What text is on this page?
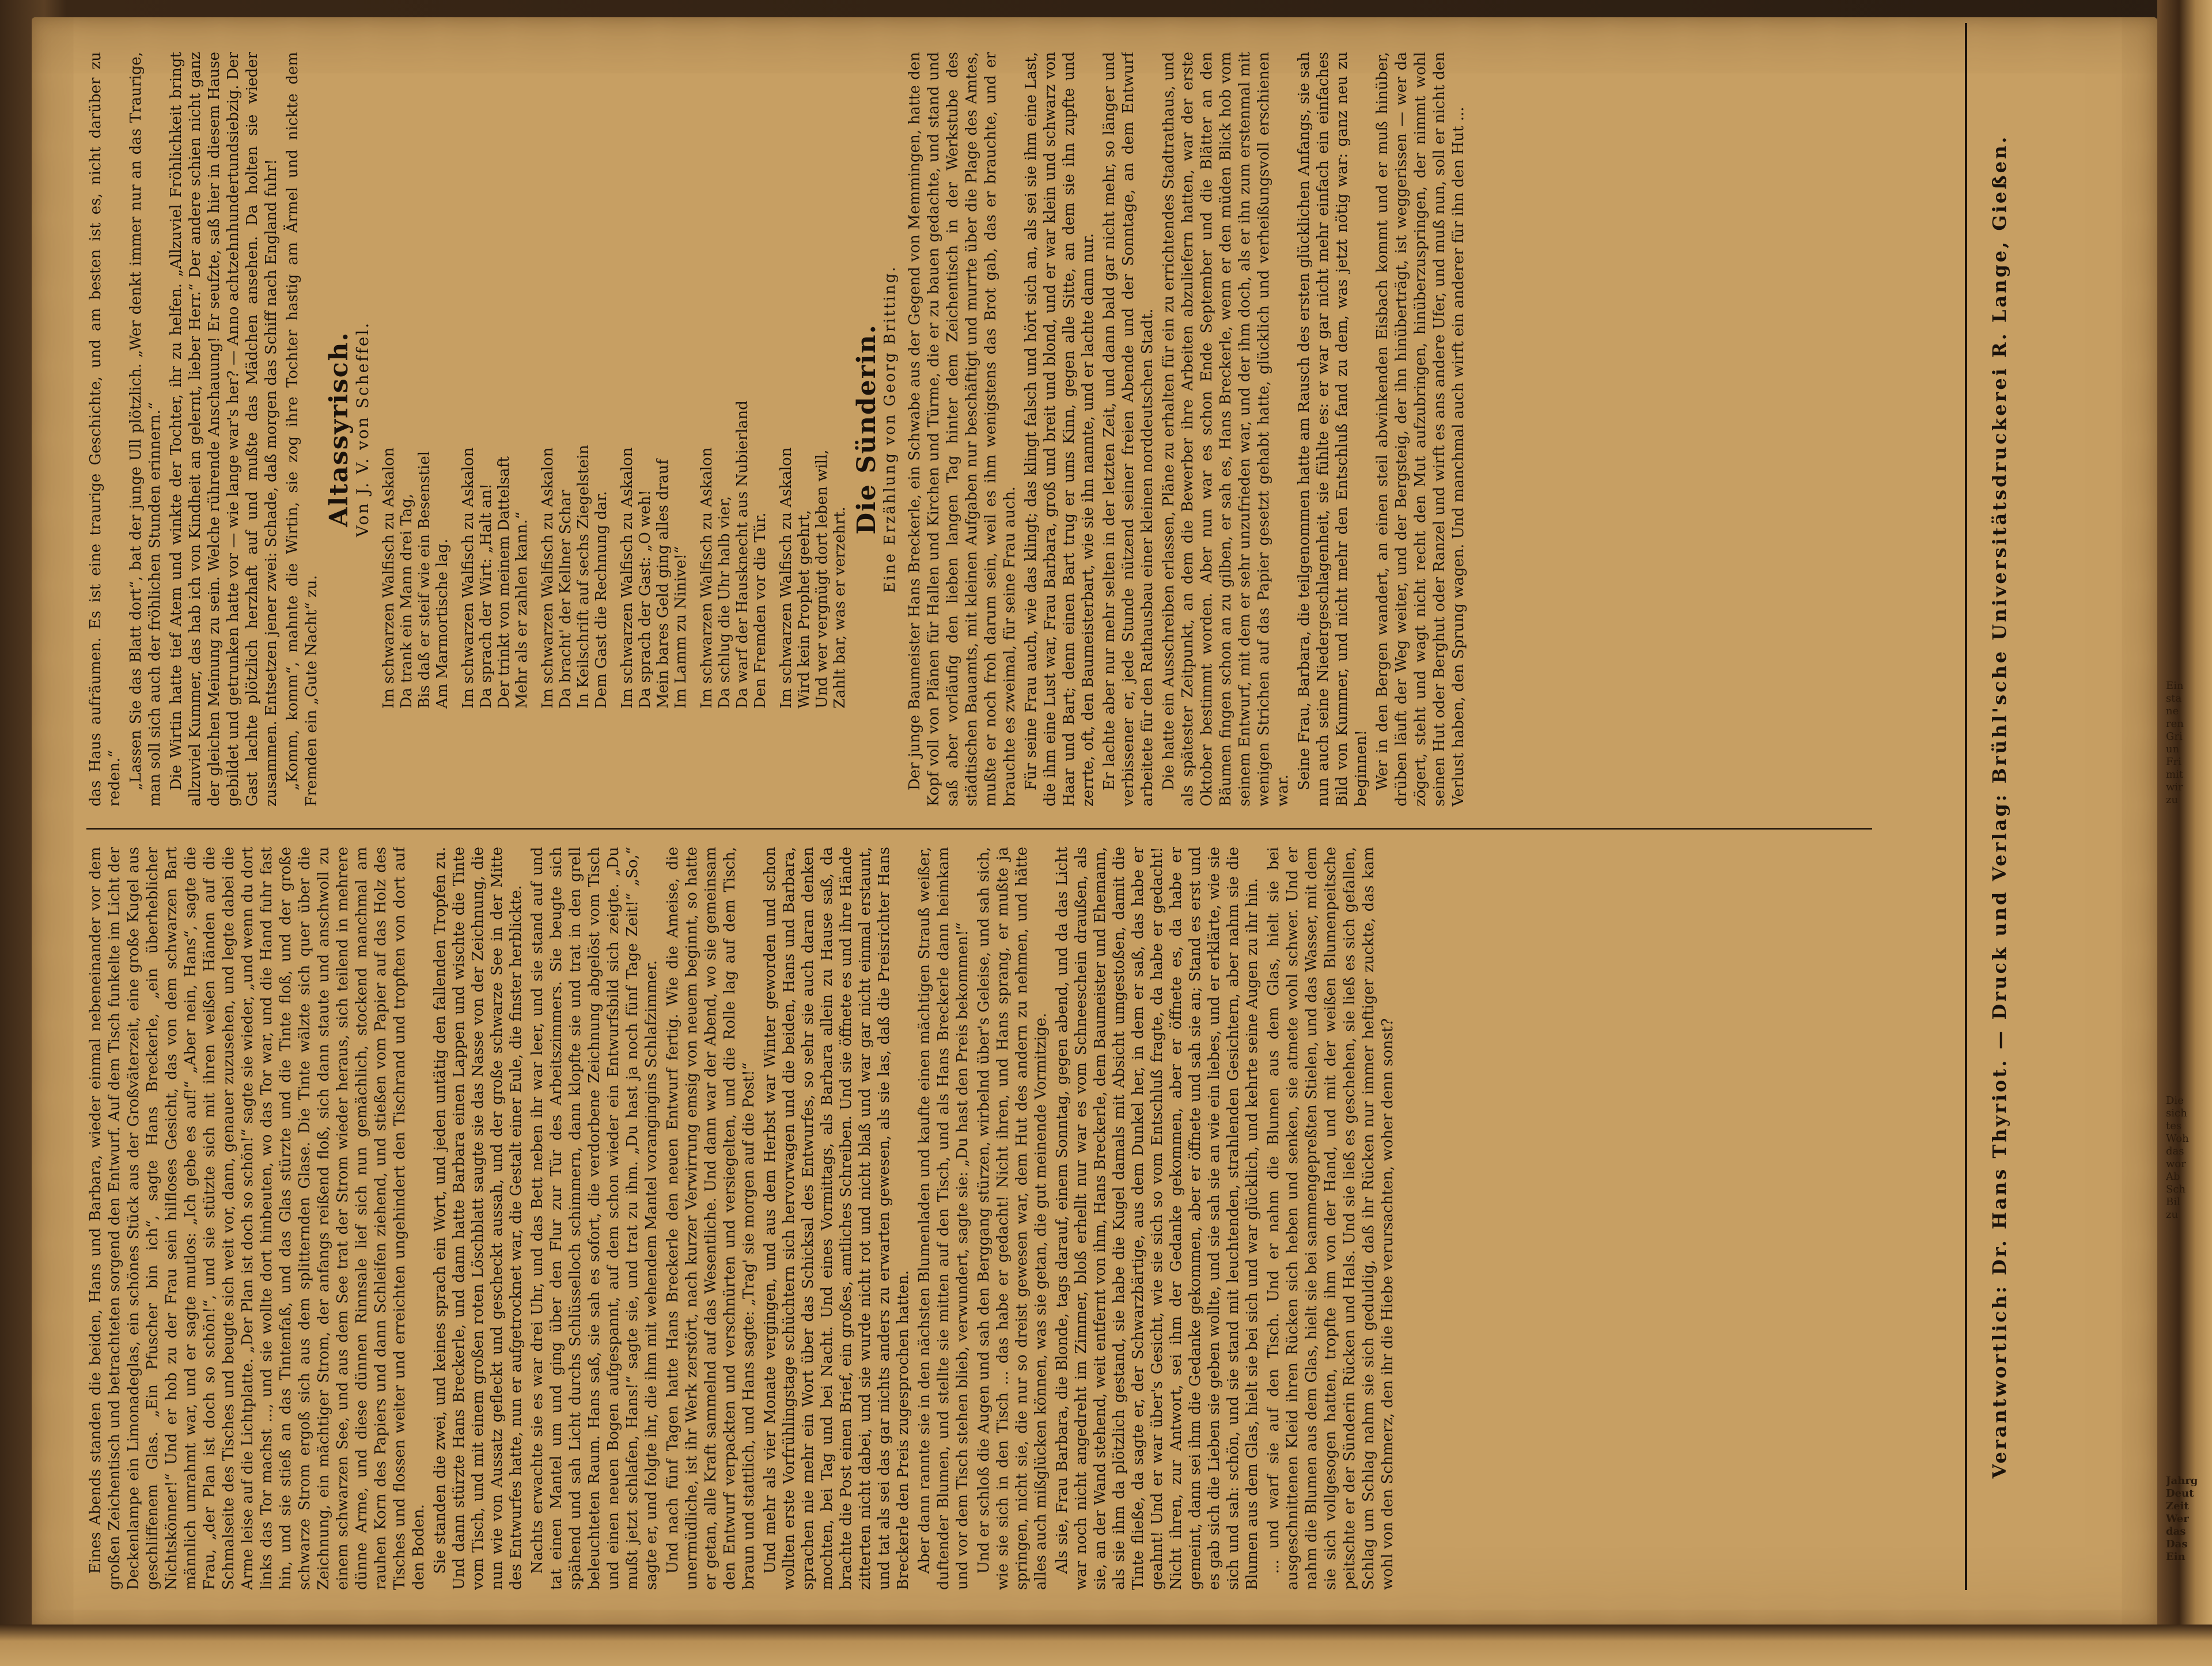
Ein
sta
ne
ren
Gri
un
Fri
mit
wir
zu
Die
sich
tes
Woh
das
wor
Ab
Sch
Bil
zu
Jahrg
Deut
Zeit
Wer
das
Das
Ein

Eines Abends standen die beiden, Hans und Barbara, wieder einmal nebeneinander vor dem großen Zeichentisch und betrachteten sorgend den Entwurf. Auf dem Tisch funkelte im Licht der Deckenlampe ein Limonadeglas, ein schönes Stück aus der Großväterzeit, eine große Kugel aus geschliffenem Glas. „Ein Pfuscher bin ich“, sagte Hans Breckerle, „ein überheblicher Nichtskönner!“ Und er hob zu der Frau sein hilfloses Gesicht, das von dem schwarzen Bart männlich umrahmt war, und er sagte mutlos: „Ich gebe es auf!“ „Aber nein, Hans“, sagte die Frau, „der Plan ist doch so schön!“, und sie stützte sich mit ihren weißen Händen auf die Schmalseite des Tisches und beugte sich weit vor, dann, genauer zuzusehen, und legte dabei die Arme leise auf die Lichtplatte. „Der Plan ist doch so schön!“ sagte sie wieder, „und wenn du dort links das Tor machst ..., und sie wollte dort hinbeuten, wo das Tor war, und die Hand fuhr fast hin, und sie stieß an das Tintenfaß, und das Glas stürzte und die Tinte floß, und der große schwarze Strom ergoß sich aus dem splitternden Glase. Die Tinte wälzte sich quer über die Zeichnung, ein mächtiger Strom, der anfangs reißend floß, sich dann staute und anschwoll zu einem schwarzen See, und aus dem See trat der Strom wieder heraus, sich teilend in mehrere dünne Arme, und diese dünnen Rinnsale lief sich nun gemächlich, stockend manchmal am rauhen Korn des Papiers und dann Schleifen ziehend, und stießen vom Papier auf das Holz des Tisches und flossen weiter und erreichten ungehindert den Tischrand und tropften von dort auf den Boden. Sie standen die zwei, und keines sprach ein Wort, und jeden untätig den fallenden Tropfen zu. Und dann stürzte Hans Breckerle, und dann hatte Barbara einen Lappen und wischte die Tinte vom Tisch, und mit einem großen roten Löschblatt saugte sie das Nasse von der Zeichnung, die nun wie von Aussatz gefleckt und gescheckt aussah, und der große schwarze See in der Mitte des Entwurfes hatte, nun er aufgetrocknet war, die Gestalt einer Eule, die finster herblickte. Nachts erwachte sie es war drei Uhr, und das Bett neben ihr war leer, und sie stand auf und tat einen Mantel um und ging über den Flur zur Tür des Arbeitszimmers. Sie beugte sich spähend und sah Licht durchs Schlüsselloch schimmern, dann klopfte sie und trat in den grell beleuchteten Raum. Hans saß, sie sah es sofort, die verdorbene Zeichnung abgelöst vom Tisch und einen neuen Bogen aufgespannt, auf dem schon wieder ein Entwurfsbild sich zeigte. „Du mußt jetzt schlafen, Hans!“ sagte sie, und trat zu ihm. „Du hast ja noch fünf Tage Zeit!“ „So,“ sagte er, und folgte ihr, die ihm mit wehendem Mantel vorangingins Schlafzimmer. Und nach fünf Tagen hatte Hans Breckerle den neuen Entwurf fertig. Wie die Ameise, die unermüdliche, ist ihr Werk zerstört, nach kurzer Verwirrung emsig von neuem beginnt, so hatte er getan, alle Kraft sammelnd auf das Wesentliche. Und dann war der Abend, wo sie gemeinsam den Entwurf verpackten und verschnürten und versiegelten, und die Rolle lag auf dem Tisch, braun und stattlich, und Hans sagte: „Trag' sie morgen auf die Post!“ Und mehr als vier Monate vergingen, und aus dem Herbst war Winter geworden und schon wollten erste Vorfrühlingstage schüchtern sich hervorwagen und die beiden, Hans und Barbara, sprachen nie mehr ein Wort über das Schicksal des Entwurfes, so sehr sie auch daran denken mochten, bei Tag und bei Nacht. Und eines Vormittags, als Barbara allein zu Hause saß, da brachte die Post einen Brief, ein großes, amtliches Schreiben. Und sie öffnete es und ihre Hände zitterten nicht dabei, und sie wurde nicht rot und nicht blaß und war gar nicht einmal erstaunt, und tat als sei das gar nichts anders zu erwarten gewesen, als sie las, daß die Preisrichter Hans Breckerle den Preis zugesprochen hatten. Aber dann rannte sie in den nächsten Blumenladen und kaufte einen mächtigen Strauß weißer, duftender Blumen, und stellte sie mitten auf den Tisch, und als Hans Breckerle dann heimkam und vor dem Tisch stehen blieb, verwundert, sagte sie: „Du hast den Preis bekommen!“ Und er schloß die Augen und sah den Berggang stürzen, wirbelnd über's Geleise, und sah sich, wie sie sich in den Tisch ... das habe er gedacht! Nicht ihren, und Hans sprang, er mußte ja springen, nicht sie, die nur so dreist gewesen war, dem Hut des andern zu nehmen, und hätte alles auch mißglücken können, was sie getan, die gut meinende Vormitzige. Als sie, Frau Barbara, die Blonde, tags darauf, einem Sonntag, gegen abend, und da das Licht war noch nicht angedreht im Zimmer, bloß erhellt nur war es vom Schneeschein draußen, als sie, an der Wand stehend, weit entfernt von ihm, Hans Breckerle, dem Baumeister und Ehemann, als sie ihm da plötzlich gestand, sie habe die Kugel damals mit Absicht umgestoßen, damit die Tinte fließe, da sagte er, der Schwarzbärtige, aus dem Dunkel her, in dem er saß, das habe er geahnt! Und er war über's Gesicht, wie sie sich so vom Entschluß fragte, da habe er gedacht! Nicht ihren, zur Antwort, sei ihm der Gedanke gekommen, aber er öffnete es, da habe er gemeint, dann sei ihm die Gedanke gekommen, aber er öffnete und sah sie an; Stand es erst und es gab sich die Lieben sie geben wollte, und sie sah sie an wie ein liebes, und er erklärte, wie sie sich und sah: schön, und sie stand mit leuchtenden, strahlenden Gesichtern, aber nahm sie die Blumen aus dem Glas, hielt sie bei sich und war glücklich, und kehrte seine Augen zu ihr hin. ... und warf sie auf den Tisch. Und er nahm die Blumen aus dem Glas, hielt sie bei ausgeschnittenen Kleid ihren Rücken sich heben und senken, sie atmete wohl schwer. Und er nahm die Blumen aus dem Glas, hielt sie bei sammengepreßten Stielen, und das Wasser, mit dem sie sich vollgesogen hatten, tropfte ihm von der Hand, und mit der weißen Blumenpeitsche peitschte er der Sünderin Rücken und Hals. Und sie ließ es geschehen, sie ließ es sich gefallen, Schlag um Schlag nahm sie sich geduldig, daß ihr Rücken nur immer heftiger zuckte, das kam wohl von den Schmerz, den ihr die Hiebe verursachten, woher denn sonst?

das Haus aufräumen. Es ist eine traurige Geschichte, und am besten ist es, nicht darüber zu reden.“ „Lassen Sie das Blatt dort“, bat der junge Ull plötzlich. „Wer denkt immer nur an das Traurige, man soll sich auch der fröhlichen Stunden erinnern.“ Die Wirtin hatte tief Atem und winkte der Tochter, ihr zu helfen. „Allzuviel Fröhlichkeit bringt allzuviel Kummer, das hab ich von Kindheit an gelernt, lieber Herr.“ Der andere schien nicht ganz der gleichen Meinung zu sein. Welche rührende Anschauung! Er seufzte, saß hier in diesem Hause gebildet und getrunken hatte vor — wie lange war's her? — Anno achtzehnhundertundsiebzig. Der Gast lachte plötzlich herzhaft auf und mußte das Mädchen ansehen. Da holten sie wieder zusammen. Entsetzen jener zwei: Schade, daß morgen das Schiff nach England fuhr! „Komm, komm“, mahnte die Wirtin, sie zog ihre Tochter hastig am Ärmel und nickte dem Fremden ein „Gute Nacht“ zu.

Altassyrisch. Von J. V. von Scheffel.
Im schwarzen Walfisch zu Askalon Da trank ein Mann drei Tag, Bis daß er steif wie ein Besenstiel Am Marmortische lag. Im schwarzen Walfisch zu Askalon Da sprach der Wirt: „Halt an! Der trinkt von meinem Dattelsaft Mehr als er zahlen kann.“ Im schwarzen Walfisch zu Askalon Da bracht' der Kellner Schar In Keilschrift auf sechs Ziegelstein Dem Gast die Rechnung dar. Im schwarzen Walfisch zu Askalon Da sprach der Gast: „O weh! Mein bares Geld ging alles drauf Im Lamm zu Ninive!“ Im schwarzen Walfisch zu Askalon Da schlug die Uhr halb vier, Da warf der Hausknecht aus Nubierland Den Fremden vor die Tür. Im schwarzen Walfisch zu Askalon Wird kein Prophet geehrt, Und wer vergnügt dort leben will, Zahlt bar, was er verzehrt.
Die Sünderin. Eine Erzählung von Georg Britting. Der junge Baumeister Hans Breckerle, ein Schwabe aus der Gegend von Memmingen, hatte den Kopf voll von Plänen für Hallen und Kirchen und Türme, die er zu bauen gedachte, und stand und saß aber vorläufig den lieben langen Tag hinter dem Zeichentisch in der Werkstube des städtischen Bauamts, mit kleinen Aufgaben nur beschäftigt und murrte über die Plage des Amtes, mußte er noch froh darum sein, weil es ihm wenigstens das Brot gab, das er brauchte, und er brauchte es zweimal, für seine Frau auch. Für seine Frau auch, wie das klingt; das klingt falsch und hört sich an, als sei sie ihm eine Last, die ihm eine Lust war, Frau Barbara, groß und breit und blond, und er war klein und schwarz von Haar und Bart; denn einen Bart trug er ums Kinn, gegen alle Sitte, an dem sie ihn zupfte und zerrte, oft, den Baumeisterbart, wie sie ihn nannte, und er lachte dann nur. Er lachte aber nur mehr selten in der letzten Zeit, und dann bald gar nicht mehr, so länger und verbissener er, jede Stunde nützend seiner freien Abende und der Sonntage, an dem Entwurf arbeitete für den Rathausbau einer kleinen norddeutschen Stadt. Die hatte ein Ausschreiben erlassen, Pläne zu erhalten für ein zu errichtendes Stadtrathaus, und als spätester Zeitpunkt, an dem die Bewerber ihre Arbeiten abzuliefern hatten, war der erste Oktober bestimmt worden. Aber nun war es schon Ende September und die Blätter an den Bäumen fingen schon an zu gilben, er sah es, Hans Breckerle, wenn er den müden Blick hob vom seinem Entwurf, mit dem er sehr unzufrieden war, und der ihm doch, als er ihn zum erstenmal mit wenigen Strichen auf das Papier gesetzt gehabt hatte, glücklich und verheißungsvoll erschienen war.

Seine Frau, Barbara, die teilgenommen hatte am Rausch des ersten glücklichen Anfangs, sie sah nun auch seine Niedergeschlagenheit, sie fühlte es: er war gar nicht mehr einfach ein einfaches Bild von Kummer, und nicht mehr den Entschluß fand zu dem, was jetzt nötig war: ganz neu zu beginnen! Wer in den Bergen wandert, an einen steil abwinkenden Eisbach kommt und er muß hinüber, drüben läuft der Weg weiter, und der Bergsteig, der ihn hinüberträgt, ist weggerissen — wer da zögert, steht und wagt nicht recht den Mut aufzubringen, hinüberzuspringen, der nimmt wohl seinen Hut oder Berghut oder Ranzel und wirft es ans andere Ufer, und muß nun, soll er nicht den Verlust haben, den Sprung wagen. Und manchmal auch wirft ein anderer für ihn den Hut ...	Verantwortlich: Dr. Hans Thyriot. — Druck und Verlag: Brühl'sche Universitätsdruckerei R. Lange, Gießen.
